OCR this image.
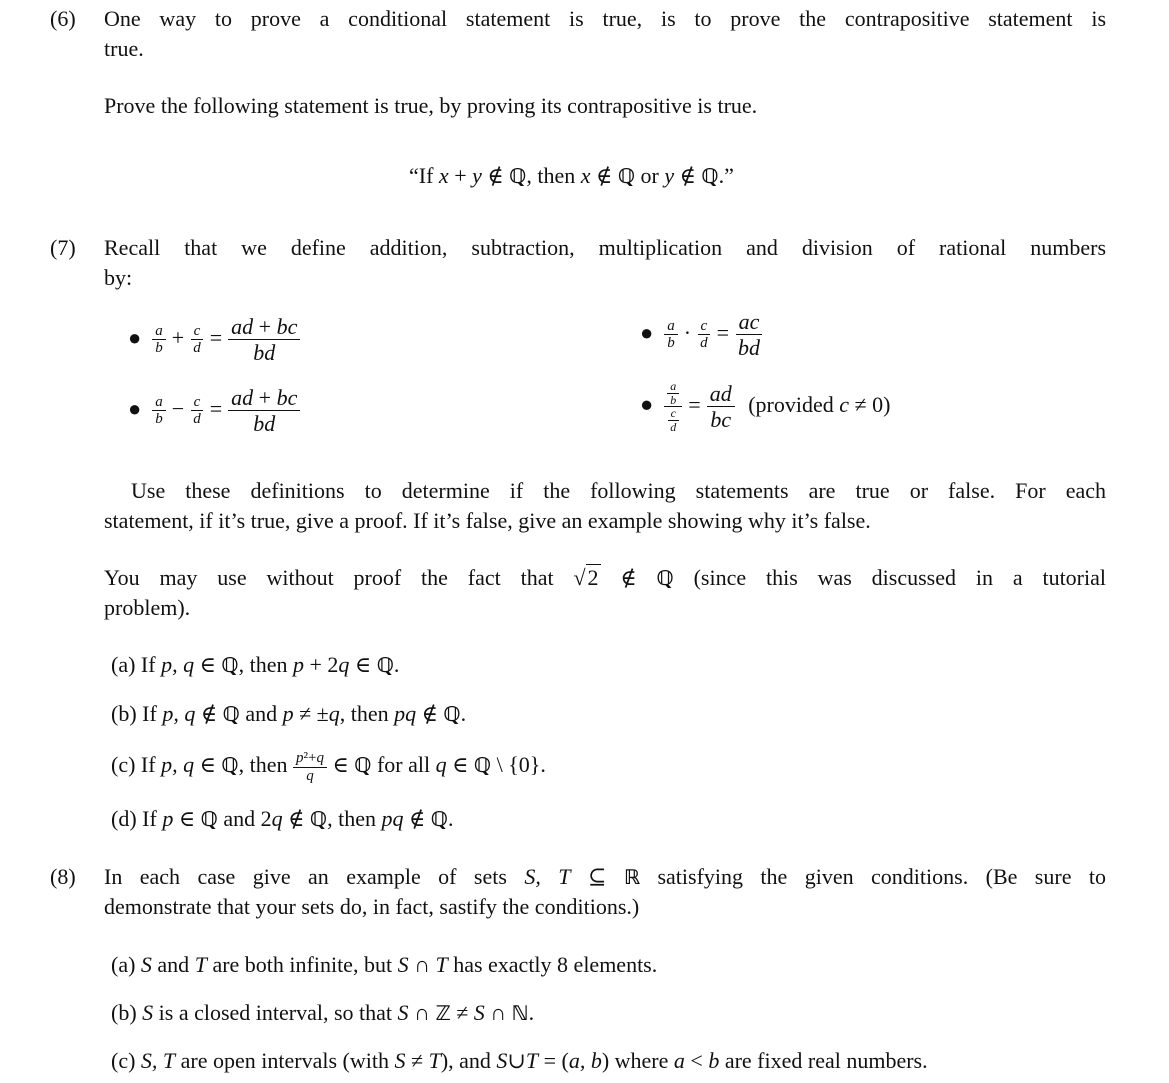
(6) One way to prove a conditional statement is true, is to prove the contrapositive statement is
true.
Prove the following statement is true, by proving its contrapositive is true.
“If x + y ∉ ℚ, then x ∉ ℚ or y ∉ ℚ.”
(7) Recall that we define addition, subtraction, multiplication and division of rational numbers
by:
● $\frac{a}{b} + \frac{c}{d} = \frac{ad + bc}{bd}$
● $\frac{a}{b} - \frac{c}{d} = \frac{ad + bc}{bd}$
● $\frac{a}{b} \cdot \frac{c}{d} = \frac{ac}{bd}$
● $\frac{\frac{a}{b}}{\frac{c}{d}} = \frac{ad}{bc}$ (provided c ≠ 0)
Use these definitions to determine if the following statements are true or false. For each
statement, if it’s true, give a proof. If it’s false, give an example showing why it’s false.
You may use without proof the fact that √2 ∉ ℚ (since this was discussed in a tutorial
problem).
(a) If p, q ∈ ℚ, then p + 2q ∈ ℚ.
(b) If p, q ∉ ℚ and p ≠ ±q, then pq ∉ ℚ.
(c) If p, q ∈ ℚ, then $\frac{\text{p²+q}}{q}$ ∈ ℚ for all q ∈ ℚ \ {0}.
(d) If p ∈ ℚ and 2q ∉ ℚ, then pq ∉ ℚ.
(8) In each case give an example of sets S, T ⊆ ℝ satisfying the given conditions. (Be sure to
demonstrate that your sets do, in fact, sastify the conditions.)
(a) S and T are both infinite, but S ∩ T has exactly 8 elements.
(b) S is a closed interval, so that S ∩ ℤ ≠ S ∩ ℕ.
(c) S, T are open intervals (with S ≠ T), and S∪T = (a, b) where a < b are fixed real numbers.
